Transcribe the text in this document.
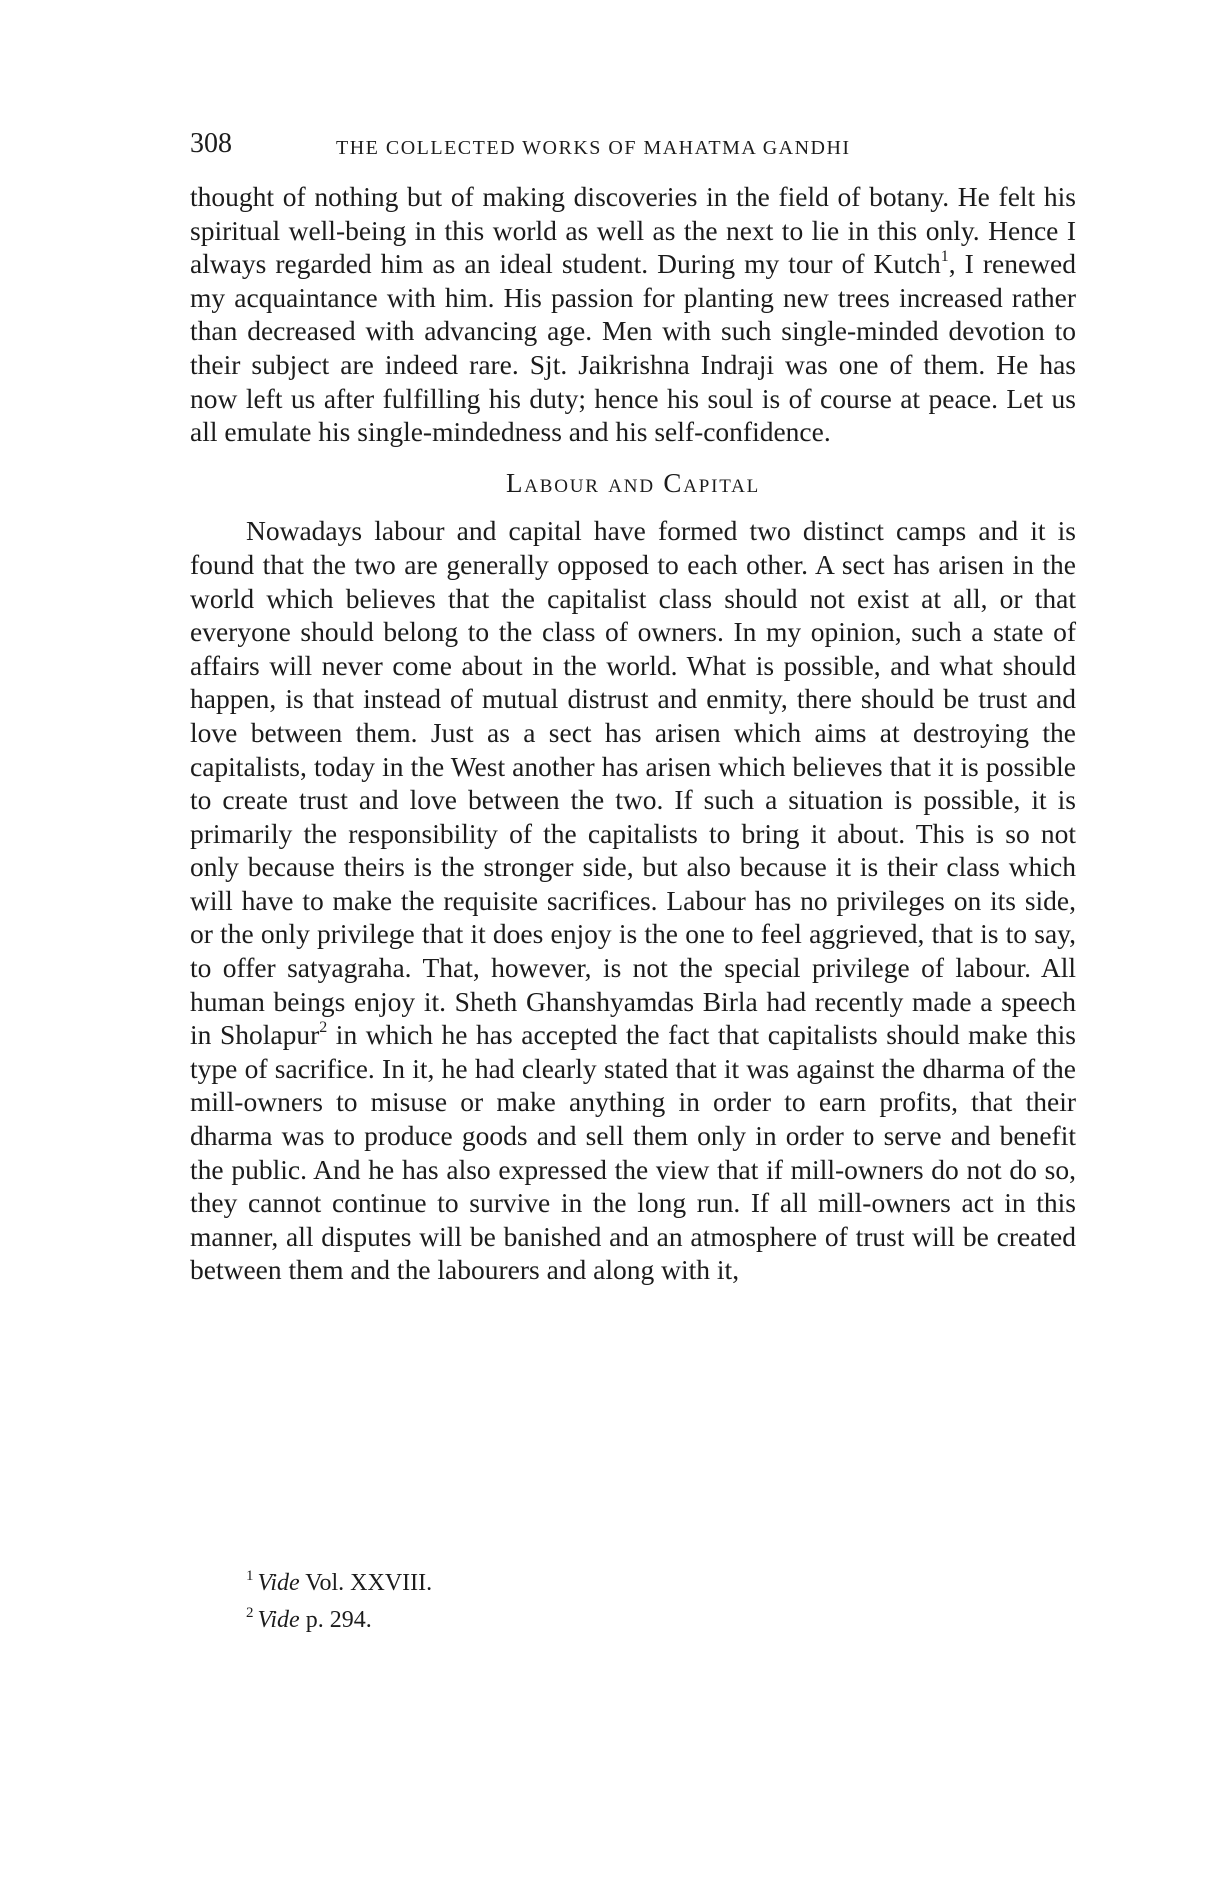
308	THE COLLECTED WORKS OF MAHATMA GANDHI

thought of nothing but of making discoveries in the field of botany. He felt his spiritual well-being in this world as well as the next to lie in this only. Hence I always regarded him as an ideal student. During my tour of Kutch$^1$, I renewed my acquaintance with him. His passion for planting new trees increased rather than decreased with advancing age. Men with such single-minded devotion to their subject are indeed rare. Sjt. Jaikrishna Indraji was one of them. He has now left us after fulfilling his duty; hence his soul is of course at peace. Let us all emulate his single-mindedness and his self-confidence.

Labour and Capital

Nowadays labour and capital have formed two distinct camps and it is found that the two are generally opposed to each other. A sect has arisen in the world which believes that the capitalist class should not exist at all, or that everyone should belong to the class of owners. In my opinion, such a state of affairs will never come about in the world. What is possible, and what should happen, is that instead of mutual distrust and enmity, there should be trust and love between them. Just as a sect has arisen which aims at destroying the capitalists, today in the West another has arisen which believes that it is possible to create trust and love between the two. If such a situation is possible, it is primarily the responsibility of the capitalists to bring it about. This is so not only because theirs is the stronger side, but also because it is their class which will have to make the requisite sacrifices. Labour has no privileges on its side, or the only privilege that it does enjoy is the one to feel aggrieved, that is to say, to offer satyagraha. That, however, is not the special privilege of labour. All human beings enjoy it. Sheth Ghanshyamdas Birla had recently made a speech in Sholapur$^2$ in which he has accepted the fact that capitalists should make this type of sacrifice. In it, he had clearly stated that it was against the dharma of the mill-owners to misuse or make anything in order to earn profits, that their dharma was to produce goods and sell them only in order to serve and benefit the public. And he has also expressed the view that if mill-owners do not do so, they cannot continue to survive in the long run. If all mill-owners act in this manner, all disputes will be banished and an atmosphere of trust will be created between them and the labourers and along with it,

$^1$ Vide Vol. XXVIII.
$^2$ Vide p. 294.
